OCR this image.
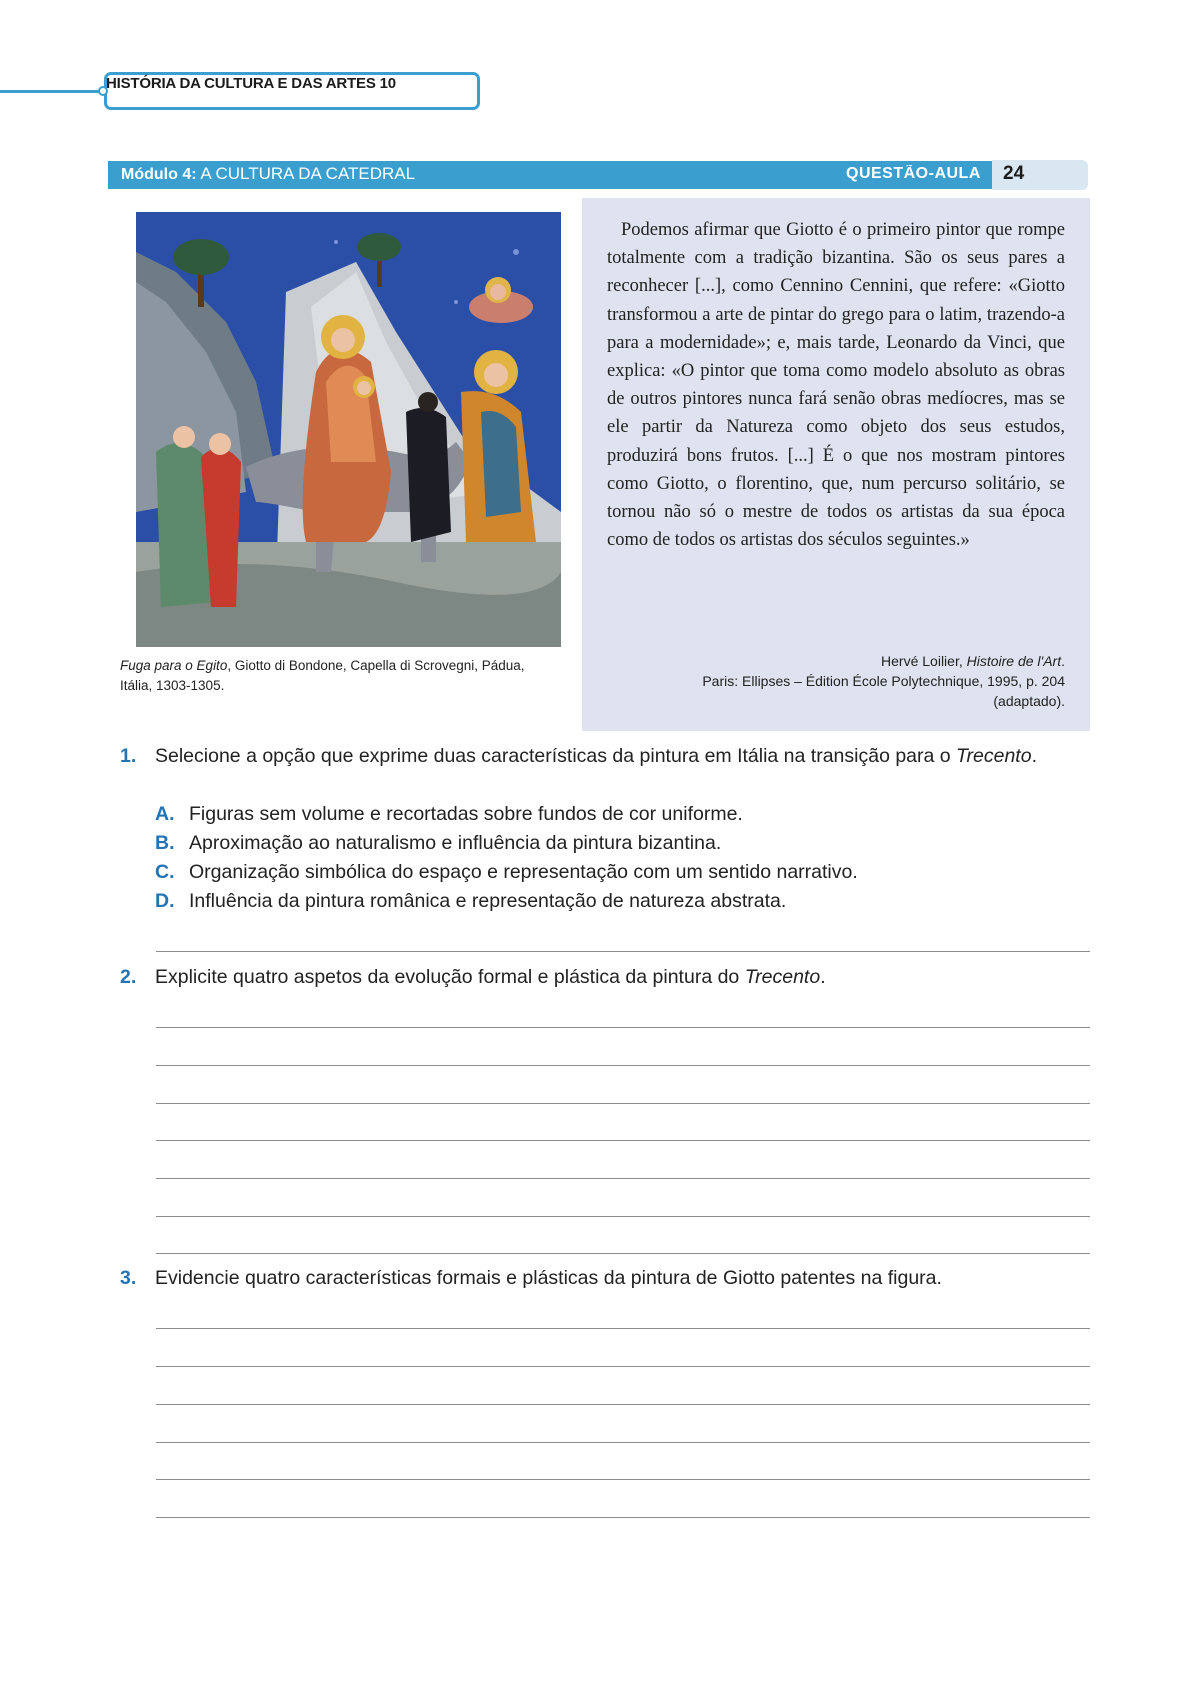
HISTÓRIA DA CULTURA E DAS ARTES 10
Módulo 4: A CULTURA DA CATEDRAL	QUESTÃO-AULA	24
Fuga para o Egito, Giotto di Bondone, Capella di Scrovegni, Pádua, Itália, 1303-1305.
Podemos afirmar que Giotto é o primeiro pintor que rompe totalmente com a tradição bizantina. São os seus pares a reconhecer [...], como Cennino Cennini, que refere: «Giotto transformou a arte de pintar do grego para o latim, trazendo-a para a modernidade»; e, mais tarde, Leonardo da Vinci, que explica: «O pintor que toma como modelo absoluto as obras de outros pintores nunca fará senão obras medíocres, mas se ele partir da Natureza como objeto dos seus estudos, produzirá bons frutos. [...] É o que nos mostram pintores como Giotto, o florentino, que, num percurso solitário, se tornou não só o mestre de todos os artistas da sua época como de todos os artistas dos séculos seguintes.»
Hervé Loilier, Histoire de l'Art.
Paris: Ellipses – Édition École Polytechnique, 1995, p. 204
(adaptado).
1. Selecione a opção que exprime duas características da pintura em Itália na transição para o Trecento.
A. Figuras sem volume e recortadas sobre fundos de cor uniforme.
B. Aproximação ao naturalismo e influência da pintura bizantina.
C. Organização simbólica do espaço e representação com um sentido narrativo.
D. Influência da pintura românica e representação de natureza abstrata.
2. Explicite quatro aspetos da evolução formal e plástica da pintura do Trecento.
3. Evidencie quatro características formais e plásticas da pintura de Giotto patentes na figura.
